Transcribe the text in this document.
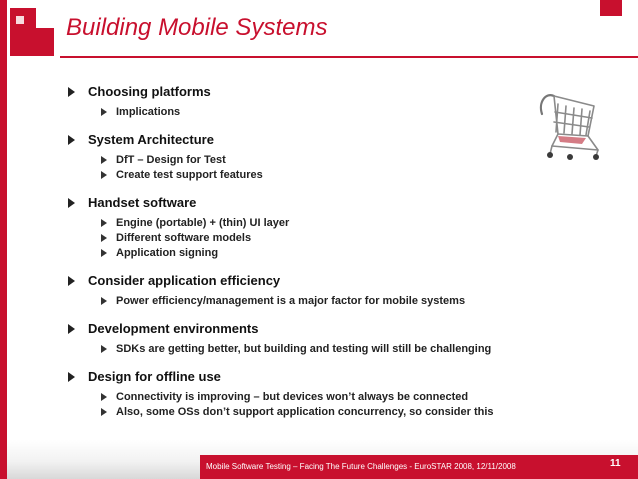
Building Mobile Systems
Choosing platforms
Implications
System Architecture
DfT – Design for Test
Create test support features
Handset software
Engine (portable) + (thin) UI layer
Different software models
Application signing
Consider application efficiency
Power efficiency/management is a major factor for mobile systems
Development environments
SDKs are getting better, but building and testing will still be challenging
Design for offline use
Connectivity is improving – but devices won’t always be connected
Also, some OSs don’t support application concurrency, so consider this
Mobile Software Testing – Facing The Future Challenges - EuroSTAR 2008, 12/11/2008	11
